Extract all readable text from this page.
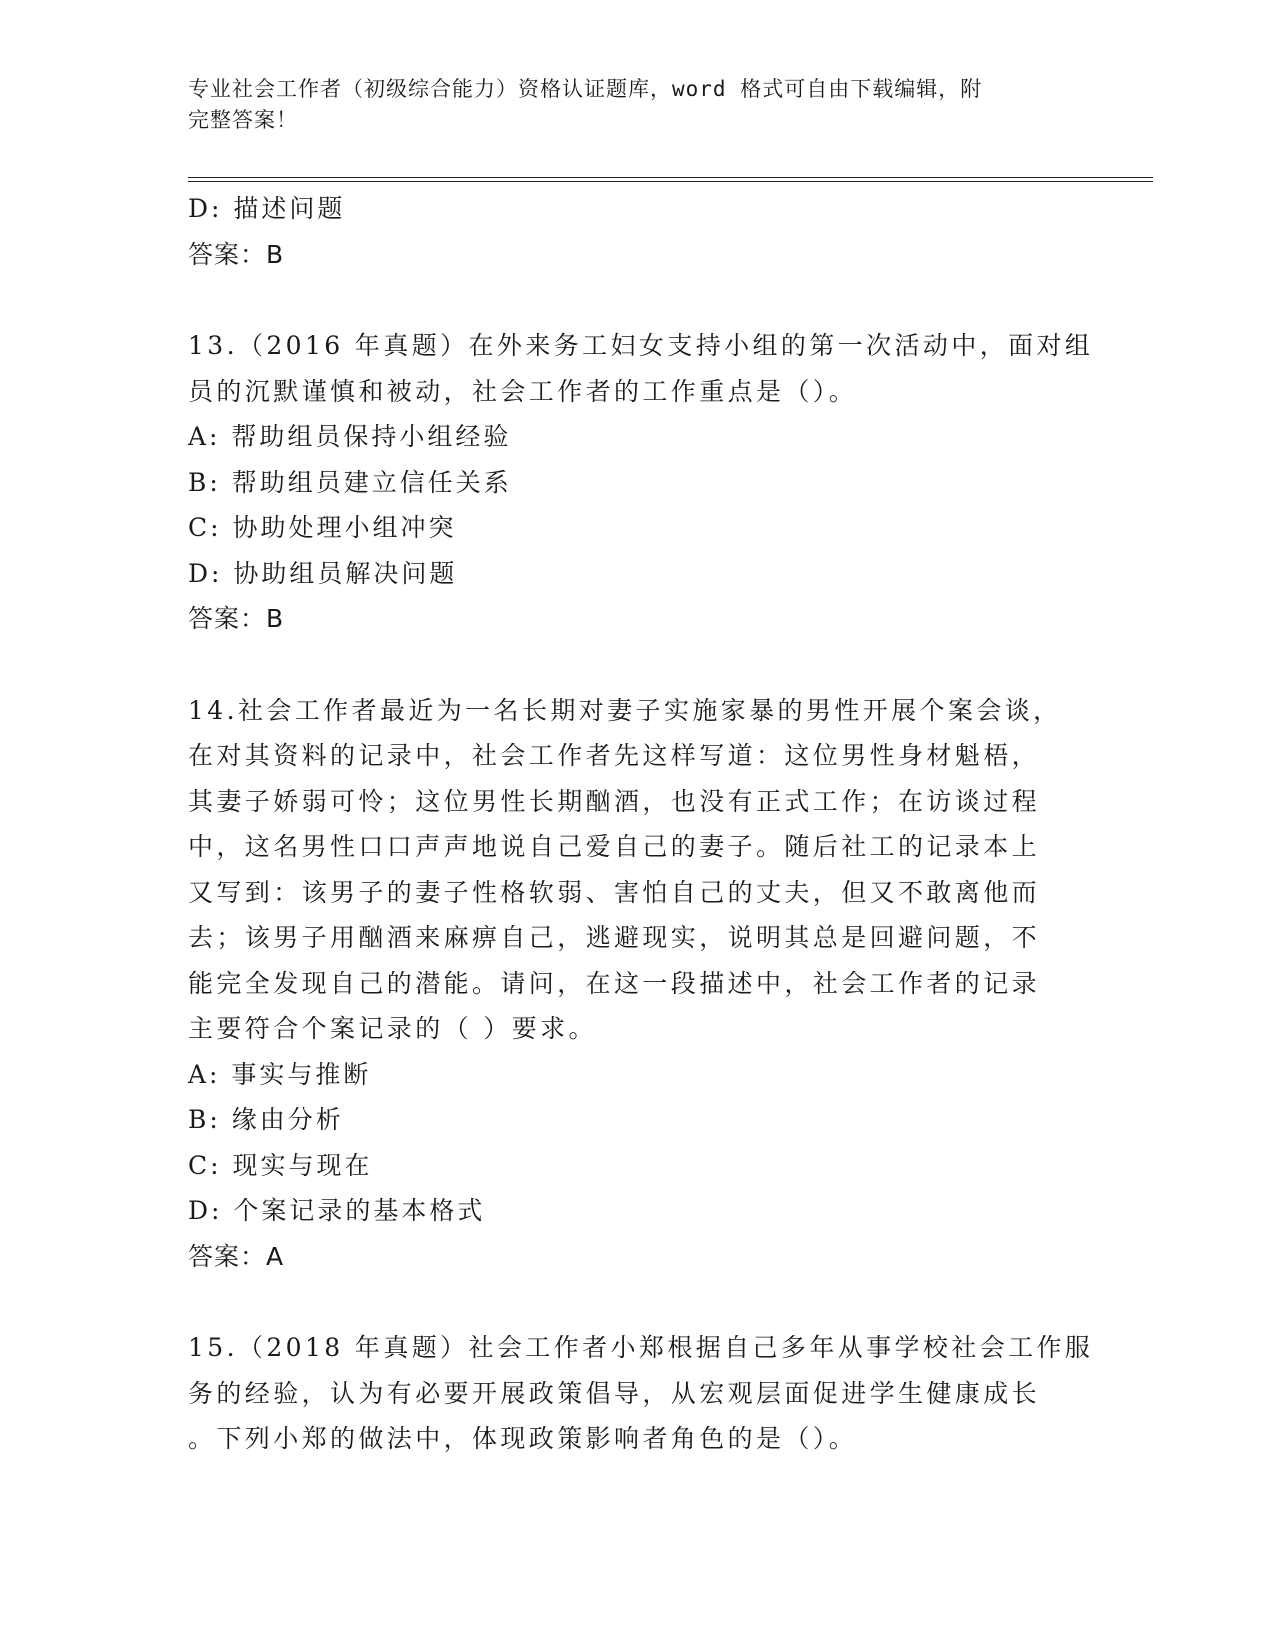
专业社会工作者（初级综合能力）资格认证题库，word 格式可自由下载编辑，附
完整答案！
D: 描述问题
答案：B
13.（2016 年真题）在外来务工妇女支持小组的第一次活动中，面对组
员的沉默谨慎和被动，社会工作者的工作重点是（）。
A: 帮助组员保持小组经验
B: 帮助组员建立信任关系
C: 协助处理小组冲突
D: 协助组员解决问题
答案：B
14.社会工作者最近为一名长期对妻子实施家暴的男性开展个案会谈，
在对其资料的记录中，社会工作者先这样写道：这位男性身材魁梧，
其妻子娇弱可怜；这位男性长期酗酒，也没有正式工作；在访谈过程
中，这名男性口口声声地说自己爱自己的妻子。随后社工的记录本上
又写到：该男子的妻子性格软弱、害怕自己的丈夫，但又不敢离他而
去；该男子用酗酒来麻痹自己，逃避现实，说明其总是回避问题，不
能完全发现自己的潜能。请问，在这一段描述中，社会工作者的记录
主要符合个案记录的（ ）要求。
A: 事实与推断
B: 缘由分析
C: 现实与现在
D: 个案记录的基本格式
答案：A
15.（2018 年真题）社会工作者小郑根据自己多年从事学校社会工作服
务的经验，认为有必要开展政策倡导，从宏观层面促进学生健康成长
。下列小郑的做法中，体现政策影响者角色的是（）。
